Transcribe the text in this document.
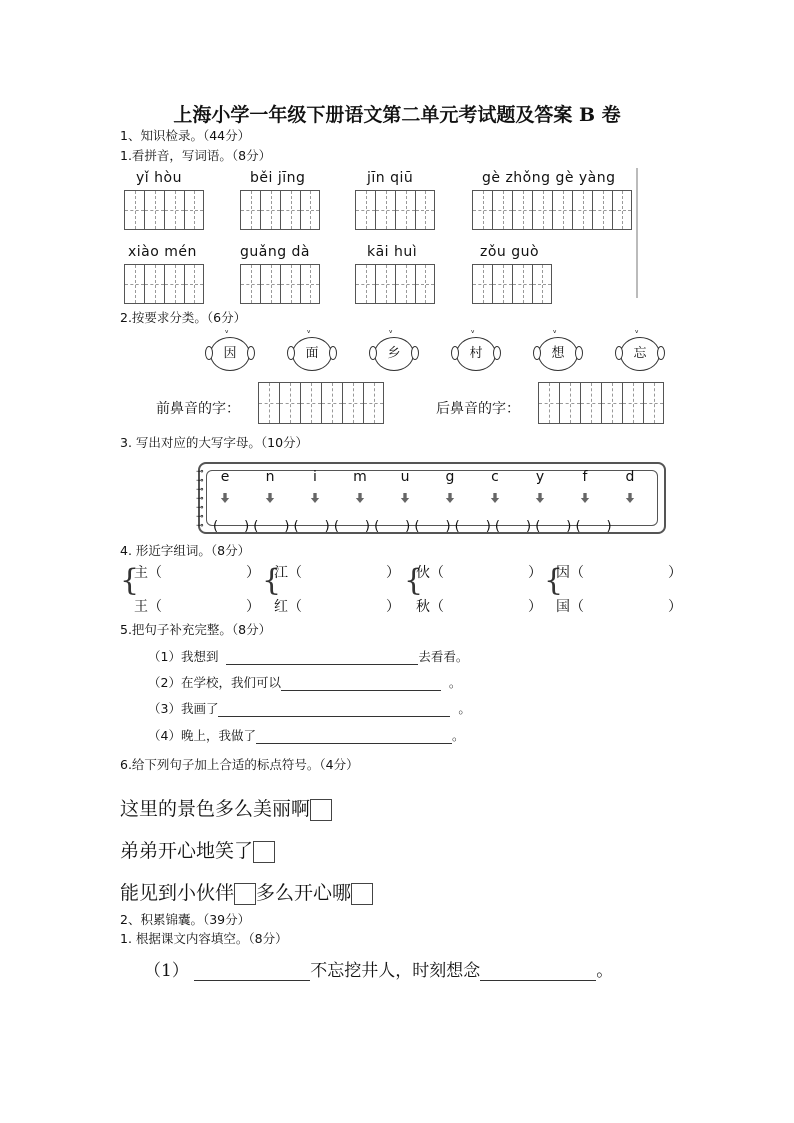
上海小学一年级下册语文第二单元考试题及答案 B 卷
1、知识检录。（44分）
1.看拼音，写词语。（8分）
yǐ hòu	běi jīng	jīn qiū	gè zhǒng gè yàng
xiào mén	guǎng dà	kāi huì	zǒu guò
2.按要求分类。（6分）
ᵛ
因
ᵛ
面
ᵛ
乡
ᵛ
村
ᵛ
想
ᵛ
忘
前鼻音的字：	后鼻音的字：
3. 写出对应的大写字母。（10分）
⊸
⊸
⊸
⊸
⊸
⊸
⊸ (　　) (　　) (　　) (　　) (　　) (　　) (　　) (　　) (　　) (　　)
e	n	i	m	u	g	c	y	f	d
4. 形近字组词。（8分）
{
主（　　　　　　）
王（　　　　　　）
{
江（　　　　　　）
红（　　　　　　）
{
伙（　　　　　　）
秋（　　　　　　）
{
因（　　　　　　）
国（　　　　　　）
5.把句子补充完整。（8分）
（1）我想到	去看看。
（2）在学校，我们可以	。
（3）我画了	。
（4）晚上，我做了	。
6.给下列句子加上合适的标点符号。（4分）
这里的景色多么美丽啊
弟弟开心地笑了
能见到小伙伴 多么开心哪
2、积累锦囊。（39分）
1. 根据课文内容填空。（8分）
（1）	不忘挖井人，时刻想念	。
